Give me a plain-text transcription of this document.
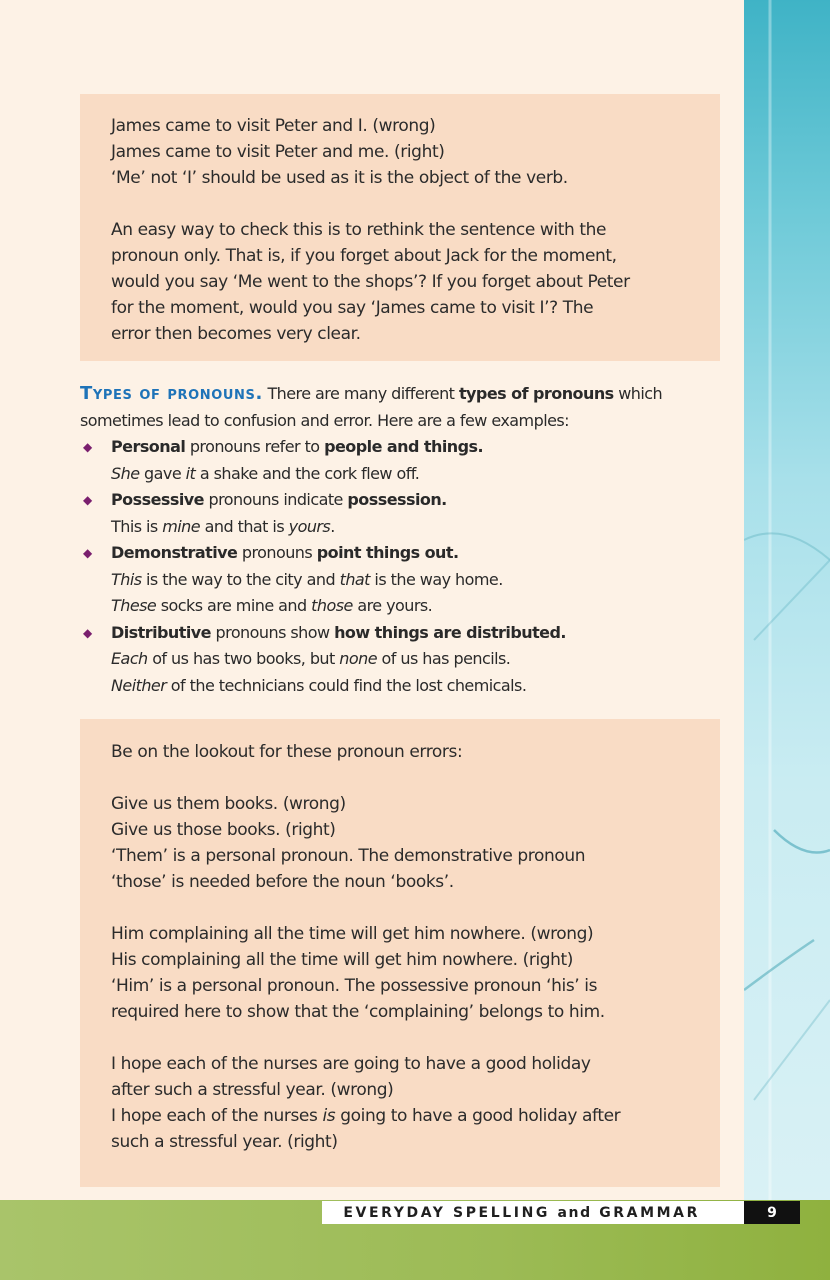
EVERYDAY SPELLING
and
GRAMMAR	9
James came to visit Peter and I. (wrong)
James came to visit Peter and me. (right)
‘Me’ not ‘I’ should be used as it is the object of the verb.
An easy way to check this is to rethink the sentence with the
pronoun only. That is, if you forget about Jack for the moment,
would you say ‘Me went to the shops’? If you forget about Peter
for the moment, would you say ‘James came to visit I’? The
error then becomes very clear.
Types of pronouns. There are many different types of pronouns which
sometimes lead to confusion and error. Here are a few examples:
◆ Personal pronouns refer to people and things.
She gave it a shake and the cork flew off.
◆ Possessive pronouns indicate possession.
This is mine and that is yours.
◆ Demonstrative pronouns point things out.
This is the way to the city and that is the way home.
These socks are mine and those are yours.
◆ Distributive pronouns show how things are distributed.
Each of us has two books, but none of us has pencils.
Neither of the technicians could find the lost chemicals.
Be on the lookout for these pronoun errors:
Give us them books. (wrong)
Give us those books. (right)
‘Them’ is a personal pronoun. The demonstrative pronoun
‘those’ is needed before the noun ‘books’.
Him complaining all the time will get him nowhere. (wrong)
His complaining all the time will get him nowhere. (right)
‘Him’ is a personal pronoun. The possessive pronoun ‘his’ is
required here to show that the ‘complaining’ belongs to him.
I hope each of the nurses are going to have a good holiday
after such a stressful year. (wrong)
I hope each of the nurses is going to have a good holiday after
such a stressful year. (right)
